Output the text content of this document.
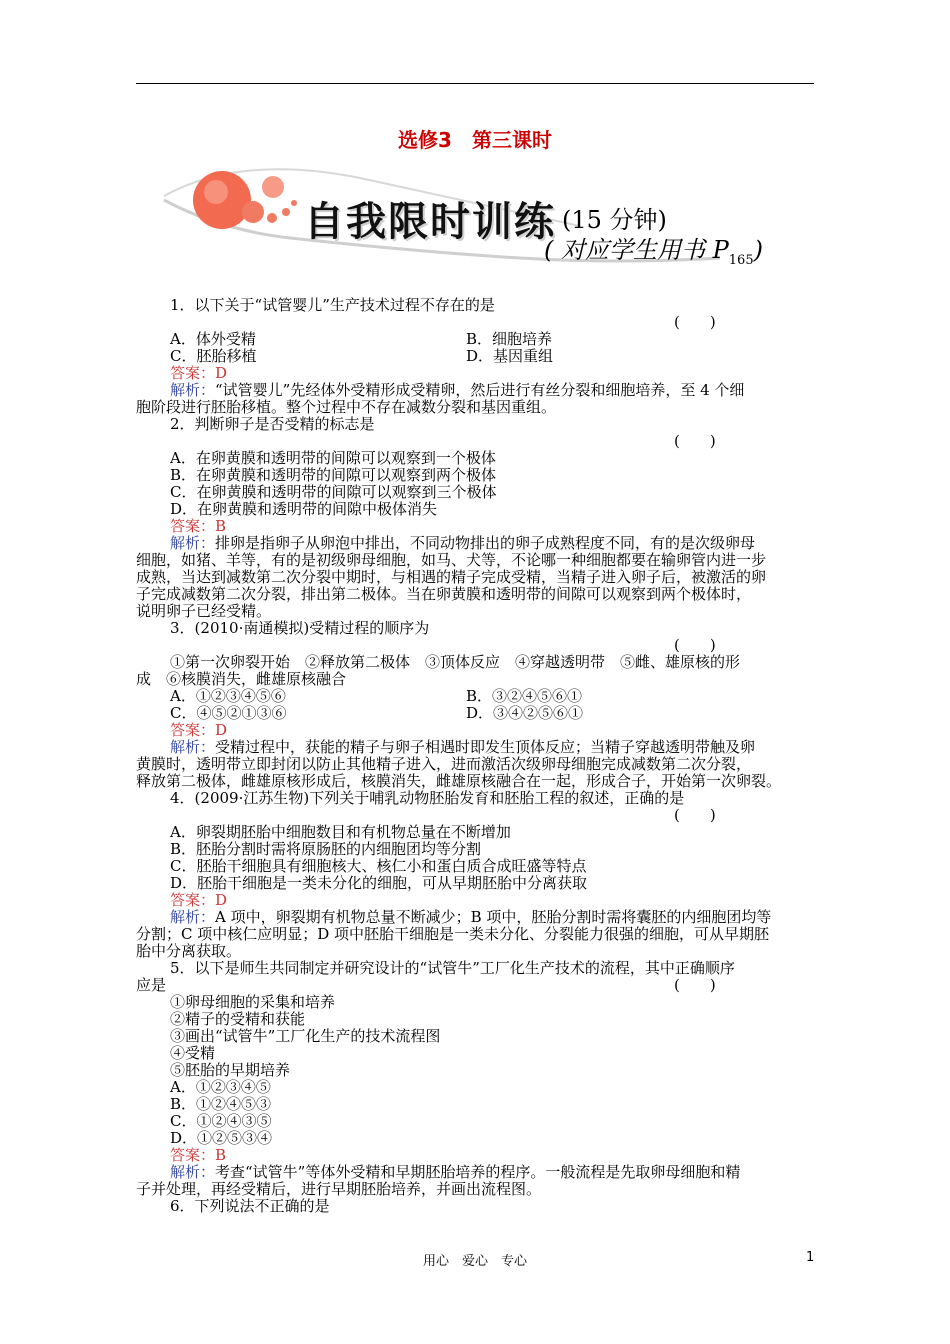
选修3 第三课时
自我限时训练 (15 分钟)
( 对应学生用书 $P_{165}$)
1．以下关于“试管婴儿”生产技术过程不存在的是
(　　)
A．体外受精	B．细胞培养
C．胚胎移植	D．基因重组
答案：D
解析：“试管婴儿”先经体外受精形成受精卵，然后进行有丝分裂和细胞培养，至 4 个细
胞阶段进行胚胎移植。整个过程中不存在减数分裂和基因重组。
2．判断卵子是否受精的标志是
(　　)
A．在卵黄膜和透明带的间隙可以观察到一个极体
B．在卵黄膜和透明带的间隙可以观察到两个极体
C．在卵黄膜和透明带的间隙可以观察到三个极体
D．在卵黄膜和透明带的间隙中极体消失
答案：B
解析：排卵是指卵子从卵泡中排出，不同动物排出的卵子成熟程度不同，有的是次级卵母
细胞，如猪、羊等，有的是初级卵母细胞，如马、犬等，不论哪一种细胞都要在输卵管内进一步
成熟，当达到减数第二次分裂中期时，与相遇的精子完成受精，当精子进入卵子后，被激活的卵
子完成减数第二次分裂，排出第二极体。当在卵黄膜和透明带的间隙可以观察到两个极体时，
说明卵子已经受精。
3．(2010·南通模拟)受精过程的顺序为
(　　)
①第一次卵裂开始　②释放第二极体　③顶体反应　④穿越透明带　⑤雌、雄原核的形
成　⑥核膜消失，雌雄原核融合
A．①②③④⑤⑥	B．③②④⑤⑥①
C．④⑤②①③⑥	D．③④②⑤⑥①
答案：D
解析：受精过程中，获能的精子与卵子相遇时即发生顶体反应；当精子穿越透明带触及卵
黄膜时，透明带立即封闭以防止其他精子进入，进而激活次级卵母细胞完成减数第二次分裂，
释放第二极体，雌雄原核形成后，核膜消失，雌雄原核融合在一起，形成合子，开始第一次卵裂。
4．(2009·江苏生物)下列关于哺乳动物胚胎发育和胚胎工程的叙述，正确的是
(　　)
A．卵裂期胚胎中细胞数目和有机物总量在不断增加
B．胚胎分割时需将原肠胚的内细胞团均等分割
C．胚胎干细胞具有细胞核大、核仁小和蛋白质合成旺盛等特点
D．胚胎干细胞是一类未分化的细胞，可从早期胚胎中分离获取
答案：D
解析：A 项中，卵裂期有机物总量不断减少；B 项中，胚胎分割时需将囊胚的内细胞团均等
分割；C 项中核仁应明显；D 项中胚胎干细胞是一类未分化、分裂能力很强的细胞，可从早期胚
胎中分离获取。
5．以下是师生共同制定并研究设计的“试管牛”工厂化生产技术的流程，其中正确顺序
应是	(　　)
①卵母细胞的采集和培养
②精子的受精和获能
③画出“试管牛”工厂化生产的技术流程图
④受精
⑤胚胎的早期培养
A．①②③④⑤
B．①②④⑤③
C．①②④③⑤
D．①②⑤③④
答案：B
解析：考查“试管牛”等体外受精和早期胚胎培养的程序。一般流程是先取卵母细胞和精
子并处理，再经受精后，进行早期胚胎培养，并画出流程图。
6．下列说法不正确的是
用心　爱心　专心	1
